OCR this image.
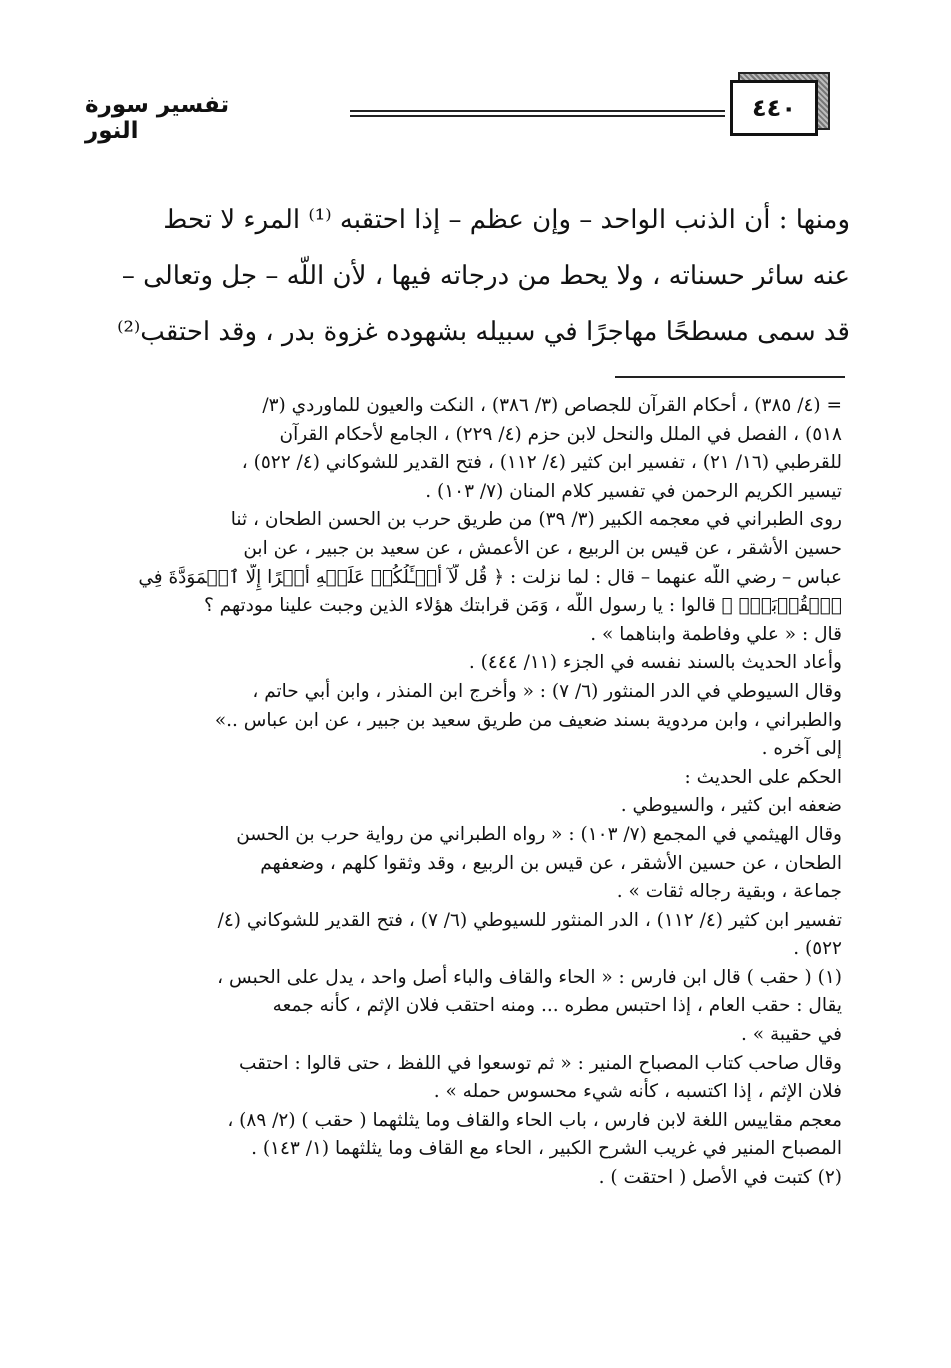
٤٤٠
تفسير سورة النور
ومنها : أن الذنب الواحد – وإن عظم – إذا احتقبه ⁽¹⁾ المرء لا تحط
عنه سائر حسناته ، ولا يحط من درجاته فيها ، لأن اللّه – جل وتعالى –
قد سمى مسطحًا مهاجرًا في سبيله بشهوده غزوة بدر ، وقد احتقب⁽²⁾
= (٤/ ٣٨٥) ، أحكام القرآن للجصاص (٣/ ٣٨٦) ، النكت والعيون للماوردي (٣/
٥١٨) ، الفصل في الملل والنحل لابن حزم (٤/ ٢٢٩) ، الجامع لأحكام القرآن
للقرطبي (١٦/ ٢١) ، تفسير ابن كثير (٤/ ١١٢) ، فتح القدير للشوكاني (٤/ ٥٢٢) ،
تيسير الكريم الرحمن في تفسير كلام المنان (٧/ ١٠٣) .
روى الطبراني في معجمه الكبير (٣/ ٣٩) من طريق حرب بن الحسن الطحان ، ثنا
حسين الأشقر ، عن قيس بن الربيع ، عن الأعمش ، عن سعيد بن جبير ، عن ابن
عباس – رضي اللّه عنهما – قال : لما نزلت : ﴿ قُل لَّآ أَسۡـَٔلُكُمۡ عَلَيۡهِ أَجۡرًا إِلَّا ٱلۡمَوَدَّةَ فِي
ٱلۡقُرۡبَىٰۗ ﴾ قالوا : يا رسول اللّه ، وَمَن قرابتك هؤلاء الذين وجبت علينا مودتهم ؟
قال : « علي وفاطمة وابناهما » .
وأعاد الحديث بالسند نفسه في الجزء (١١/ ٤٤٤) .
وقال السيوطي في الدر المنثور (٦/ ٧) : « وأخرج ابن المنذر ، وابن أبي حاتم ،
والطبراني ، وابن مردوية بسند ضعيف من طريق سعيد بن جبير ، عن ابن عباس ..»
إلى آخره .
الحكم على الحديث :
ضعفه ابن كثير ، والسيوطي .
وقال الهيثمي في المجمع (٧/ ١٠٣) : « رواه الطبراني من رواية حرب بن الحسن
الطحان ، عن حسين الأشقر ، عن قيس بن الربيع ، وقد وثقوا كلهم ، وضعفهم
جماعة ، وبقية رجاله ثقات » .
تفسير ابن كثير (٤/ ١١٢) ، الدر المنثور للسيوطي (٦/ ٧) ، فتح القدير للشوكاني (٤/
٥٢٢) .
(١) ( حقب ) قال ابن فارس : « الحاء والقاف والباء أصل واحد ، يدل على الحبس ،
يقال : حقب العام ، إذا احتبس مطره ... ومنه احتقب فلان الإثم ، كأنه جمعه
في حقيبة » .
وقال صاحب كتاب المصباح المنير : « ثم توسعوا في اللفظ ، حتى قالوا : احتقب
فلان الإثم ، إذا اكتسبه ، كأنه شيء محسوس حمله » .
معجم مقاييس اللغة لابن فارس ، باب الحاء والقاف وما يثلثهما ( حقب ) (٢/ ٨٩) ،
المصباح المنير في غريب الشرح الكبير ، الحاء مع القاف وما يثلثهما (١/ ١٤٣) .
(٢) كتبت في الأصل ( احتقت ) .
